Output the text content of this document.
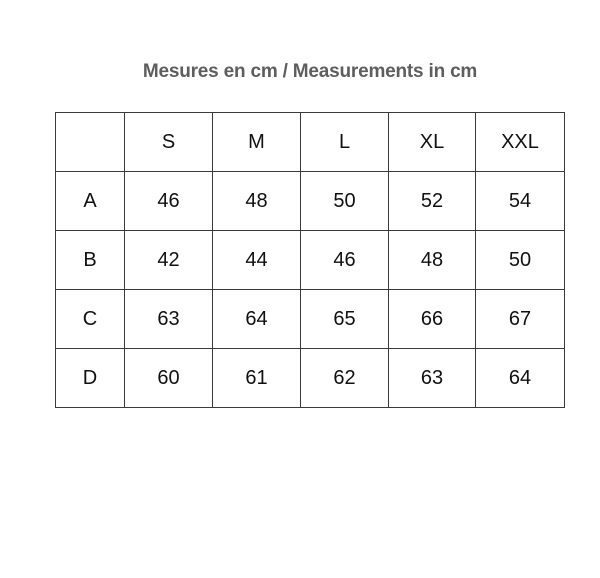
Mesures en cm / Measurements in cm
	S	M	L	XL	XXL
A	46	48	50	52	54
B	42	44	46	48	50
C	63	64	65	66	67
D	60	61	62	63	64
